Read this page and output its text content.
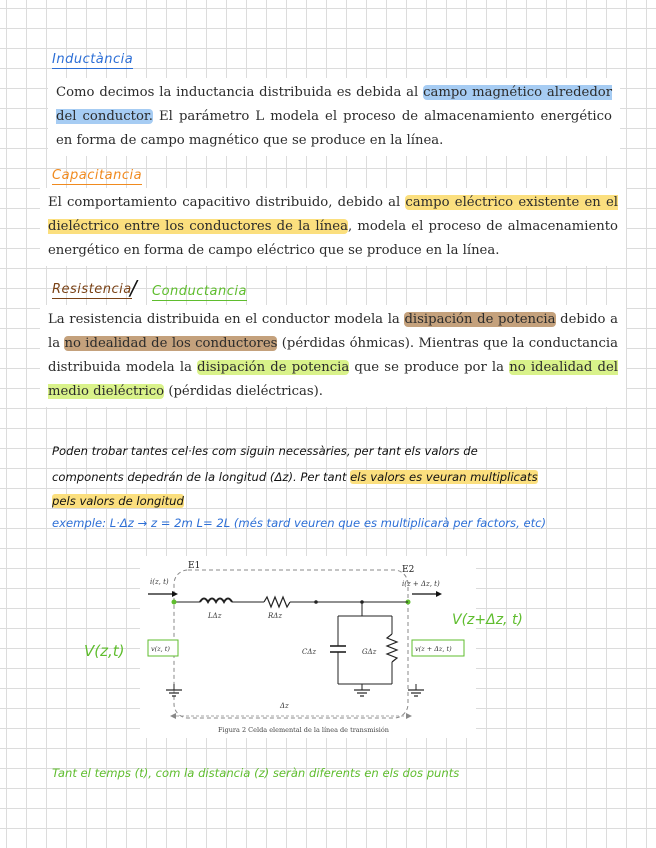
Inductància
Como decimos la inductancia distribuida es debida al campo magnético alrededor del conductor. El parámetro L modela el proceso de almacenamiento energético en forma de campo magnético que se produce en la línea.
Capacitancia
El comportamiento capacitivo distribuido, debido al campo eléctrico existente en el dieléctrico entre los conductores de la línea, modela el proceso de almacenamiento energético en forma de campo eléctrico que se produce en la línea.
Resistencia
/ Conductancia
La resistencia distribuida en el conductor modela la disipación de potencia debido a la no idealidad de los conductores (pérdidas óhmicas). Mientras que la conductancia distribuida modela la disipación de potencia que se produce por la no idealidad del medio dieléctrico (pérdidas dieléctricas).
Poden trobar tantes cel·les com siguin necessàries, per tant els valors de
components depedrán de la longitud (Δz). Per tant els valors es veuran multiplicats
pels valors de longitud
exemple: L·Δz → z = 2m L= 2L (més tard veuren que es multiplicarà per factors, etc)
E1	E2
i(z, t)	i(z + Δz, t)
LΔz	RΔz
CΔz	GΔz
v(z, t)	v(z + Δz, t)
Δz
Figura 2 Celda elemental de la línea de transmisión
V(z,t)
V(z+Δz, t)
Tant el temps (t), com la distancia (z) seràn diferents en els dos punts
